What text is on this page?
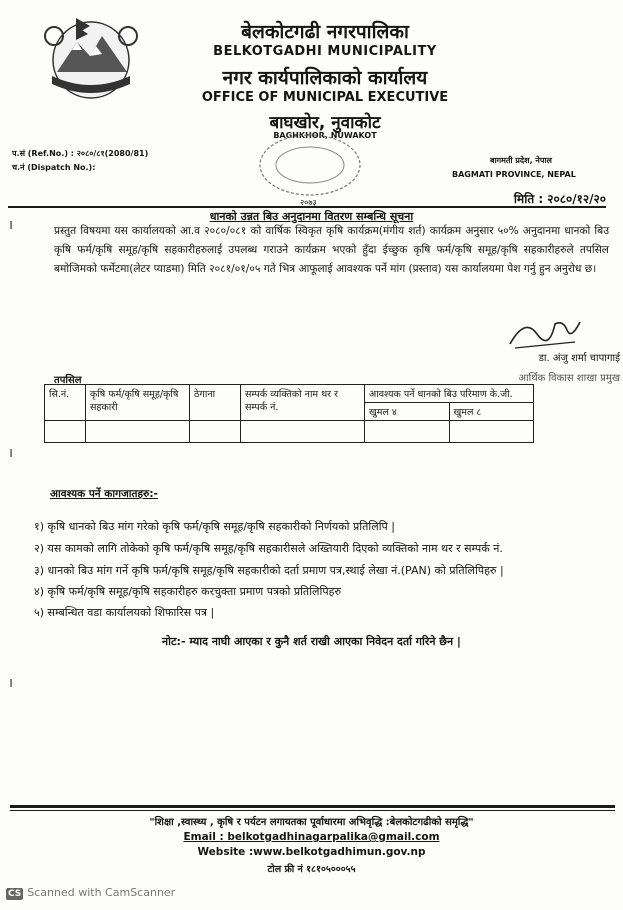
बेलकोटगढी नगरपालिका
BELKOTGADHI MUNICIPALITY
नगर कार्यपालिकाको कार्यालय
OFFICE OF MUNICIPAL EXECUTIVE
बाघखोर, नुवाकोट
BAGHKHOR, NUWAKOT
प.सं (Ref.No.) : २०८०/८१(2080/81)
च.नं (Dispatch No.):
बागमती प्रदेश, नेपाल
BAGMATI PROVINCE, NEPAL
२०७३	मिति : २०८०/१२/२०
धानको उन्नत बिउ अनुदानमा वितरण सम्बन्धि सूचना
।	प्रस्तुत विषयमा यस कार्यालयको आ.व २०८०/०८१ को वार्षिक स्विकृत कृषि कार्यक्रम(मंगीय शर्त) कार्यक्रम अनुसार ५०% अनुदानमा धानको बिउ कृषि फर्म/कृषि समूह/कृषि सहकारीहरुलाई उपलब्ध गराउने कार्यक्रम भएको हुँदा ईच्छुक कृषि फर्म/कृषि समूह/कृषि सहकारीहरुले तपसिल बमोजिमको फर्मेटमा(लेटर प्याडमा) मिति २०८१/०१/०५ गते भित्र आफूलाई आवश्यक पर्ने मांग (प्रस्ताव) यस कार्यालयमा पेश गर्नु हुन अनुरोध छ।
डा. अंजु शर्मा चापागाई
आर्थिक विकास शाखा प्रमुख
तपसिल
सि.नं.	कृषि फर्म/कृषि समूह/कृषि सहकारी	ठेगाना	सम्पर्क व्यक्तिको नाम थर र सम्पर्क नं.	आवश्यक पर्ने धानको बिउ परिमाण के.जी.	
				खुमल ४	खुमल ८

।
आवश्यक पर्ने कागजातहरु:-
१) कृषि धानको बिउ मांग गरेको कृषि फर्म/कृषि समूह/कृषि सहकारीको निर्णयको प्रतिलिपि |
२) यस कामको लागि तोकेको कृषि फर्म/कृषि समूह/कृषि सहकारीसले अख्तियारी दिएको व्यक्तिको नाम थर र सम्पर्क नं.
३) धानको बिउ मांग गर्ने कृषि फर्म/कृषि समूह/कृषि सहकारीको दर्ता प्रमाण पत्र,स्थाई लेखा नं.(PAN) को प्रतिलिपिहरु |
४) कृषि फर्म/कृषि समूह/कृषि सहकारीहरु करचुक्ता प्रमाण पत्रको प्रतिलिपिहरु
५) सम्बन्धित वडा कार्यालयको शिफारिस पत्र |
नोट:- म्याद नाघी आएका र कुनै शर्त राखी आएका निवेदन दर्ता गरिने छैन |
।
"शिक्षा ,स्वास्थ्य , कृषि र पर्यटन लगायतका पूर्वाधारमा अभिवृद्धि :बेलकोटगढीको समृद्धि"
Email : belkotgadhinagarpalika@gmail.com
Website :www.belkotgadhimun.gov.np
टोल फ्री नं १८१०५०००५५
CS Scanned with CamScanner
